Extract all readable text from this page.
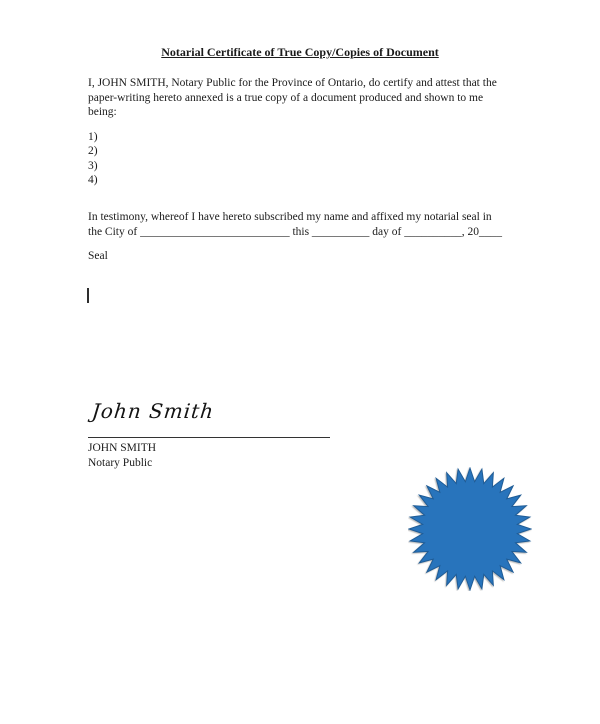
Notarial Certificate of True Copy/Copies of Document
I, JOHN SMITH, Notary Public for the Province of Ontario, do certify and attest that the
paper-writing hereto annexed is a true copy of a document produced and shown to me
being:
1)
2)
3)
4)
In testimony, whereof I have hereto subscribed my name and affixed my notarial seal in
the City of __________________________ this __________ day of __________, 20____
Seal
John Smith
JOHN SMITH
Notary Public
